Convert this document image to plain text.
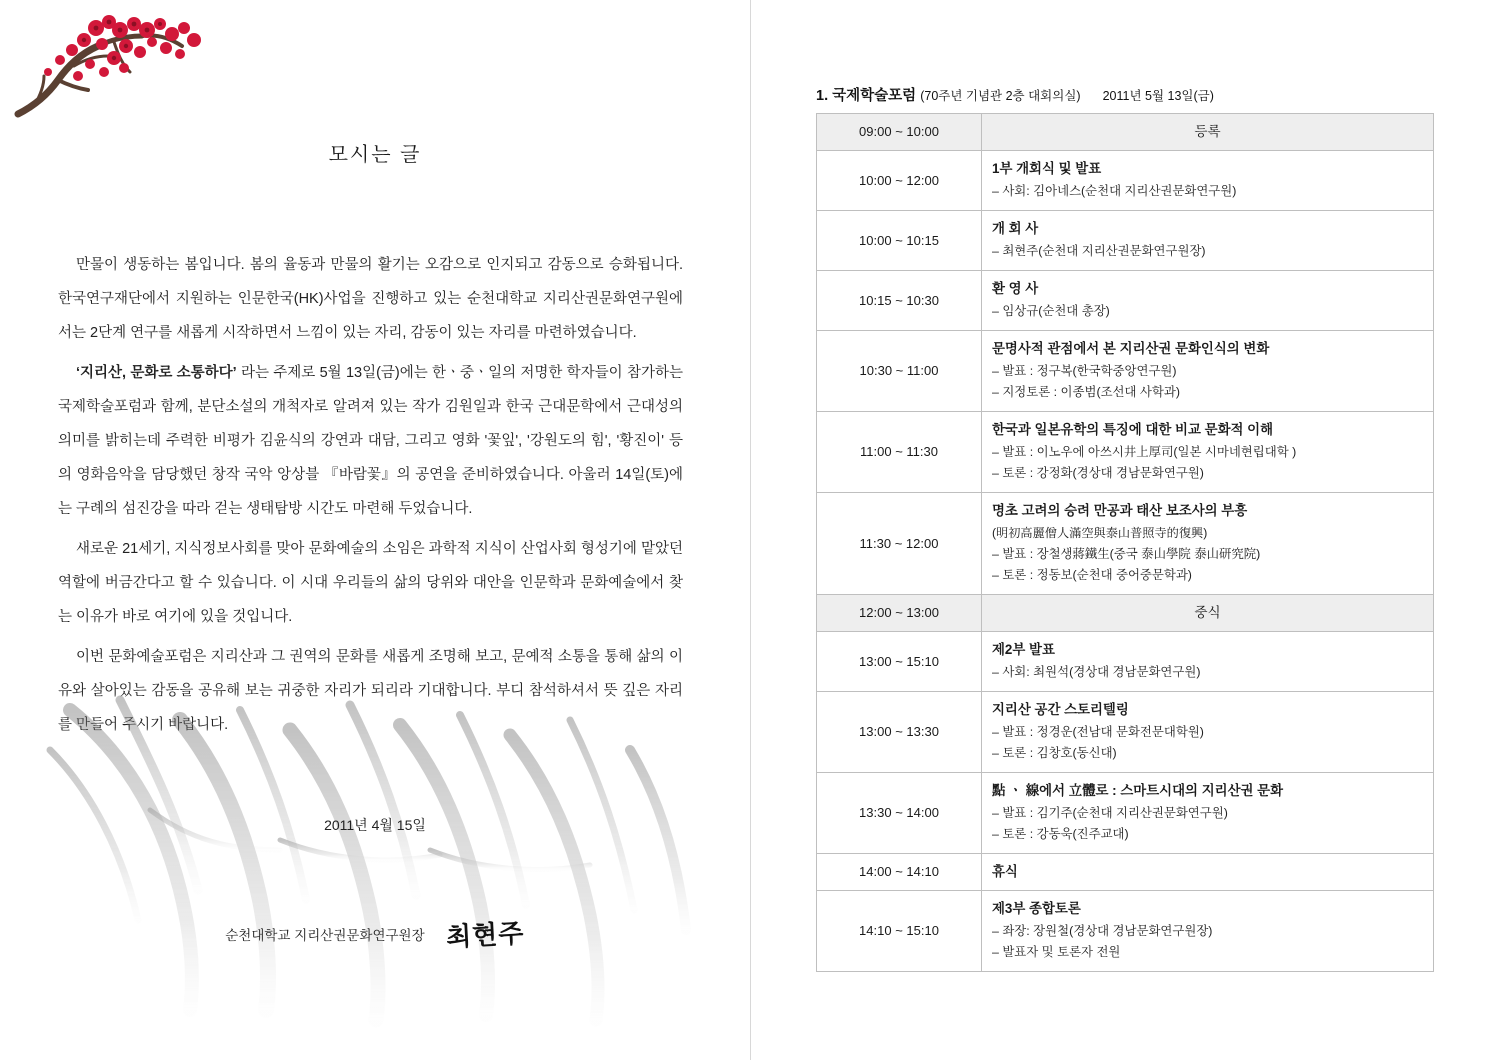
모시는 글

만물이 생동하는 봄입니다. 봄의 율동과 만물의 활기는 오감으로 인지되고 감동으로 승화됩니다. 한국연구재단에서 지원하는 인문한국(HK)사업을 진행하고 있는 순천대학교 지리산권문화연구원에서는 2단계 연구를 새롭게 시작하면서 느낌이 있는 자리, 감동이 있는 자리를 마련하였습니다.

‘지리산, 문화로 소통하다’ 라는 주제로 5월 13일(금)에는 한ㆍ중ㆍ일의 저명한 학자들이 참가하는 국제학술포럼과 함께, 분단소설의 개척자로 알려져 있는 작가 김원일과 한국 근대문학에서 근대성의 의미를 밝히는데 주력한 비평가 김윤식의 강연과 대담, 그리고 영화 '꽃잎', '강원도의 힘', '황진이' 등의 영화음악을 담당했던 창작 국악 앙상블 『바람꽃』의 공연을 준비하였습니다. 아울러 14일(토)에는 구례의 섬진강을 따라 걷는 생태탐방 시간도 마련해 두었습니다.

새로운 21세기, 지식정보사회를 맞아 문화예술의 소임은 과학적 지식이 산업사회 형성기에 맡았던 역할에 버금간다고 할 수 있습니다. 이 시대 우리들의 삶의 당위와 대안을 인문학과 문화예술에서 찾는 이유가 바로 여기에 있을 것입니다.

이번 문화예술포럼은 지리산과 그 권역의 문화를 새롭게 조명해 보고, 문예적 소통을 통해 삶의 이유와 살아있는 감동을 공유해 보는 귀중한 자리가 되리라 기대합니다. 부디 참석하셔서 뜻 깊은 자리를 만들어 주시기 바랍니다.

2011년 4월 15일
순천대학교 지리산권문화연구원장 최현주
1. 국제학술포럼 (70주년 기념관 2층 대회의실) 2011년 5월 13일(금)
09:00 ~ 10:00	등록
10:00 ~ 12:00	1부 개회식 및 발표
– 사회: 김아네스(순천대 지리산권문화연구원)

10:00 ~ 10:15	개 회 사
– 최현주(순천대 지리산권문화연구원장)

10:15 ~ 10:30	환 영 사
– 임상규(순천대 총장)

10:30 ~ 11:00	문명사적 관점에서 본 지리산권 문화인식의 변화
– 발표 : 정구복(한국학중앙연구원)
– 지정토론 : 이종범(조선대 사학과)

11:00 ~ 11:30	한국과 일본유학의 특징에 대한 비교 문화적 이해
– 발표 : 이노우에 아쓰시井上厚司(일본 시마네현립대학 )
– 토론 : 강정화(경상대 경남문화연구원)

11:30 ~ 12:00	명초 고려의 승려 만공과 태산 보조사의 부흥
(明初高麗僧人滿空與泰山普照寺的復興)
– 발표 : 장철생蔣鐵生(중국 泰山學院 泰山研究院)
– 토론 : 정동보(순천대 중어중문학과)

12:00 ~ 13:00	중식
13:00 ~ 15:10	제2부 발표
– 사회: 최원석(경상대 경남문화연구원)

13:00 ~ 13:30	지리산 공간 스토리텔링
– 발표 : 정경운(전남대 문화전문대학원)
– 토론 : 김창호(동신대)

13:30 ~ 14:00	點 ㆍ 線에서 立體로 : 스마트시대의 지리산권 문화
– 발표 : 김기주(순천대 지리산권문화연구원)
– 토론 : 강동욱(진주교대)

14:00 ~ 14:10	휴식
14:10 ~ 15:10	제3부 종합토론
– 좌장: 장원철(경상대 경남문화연구원장)
– 발표자 및 토론자 전원
